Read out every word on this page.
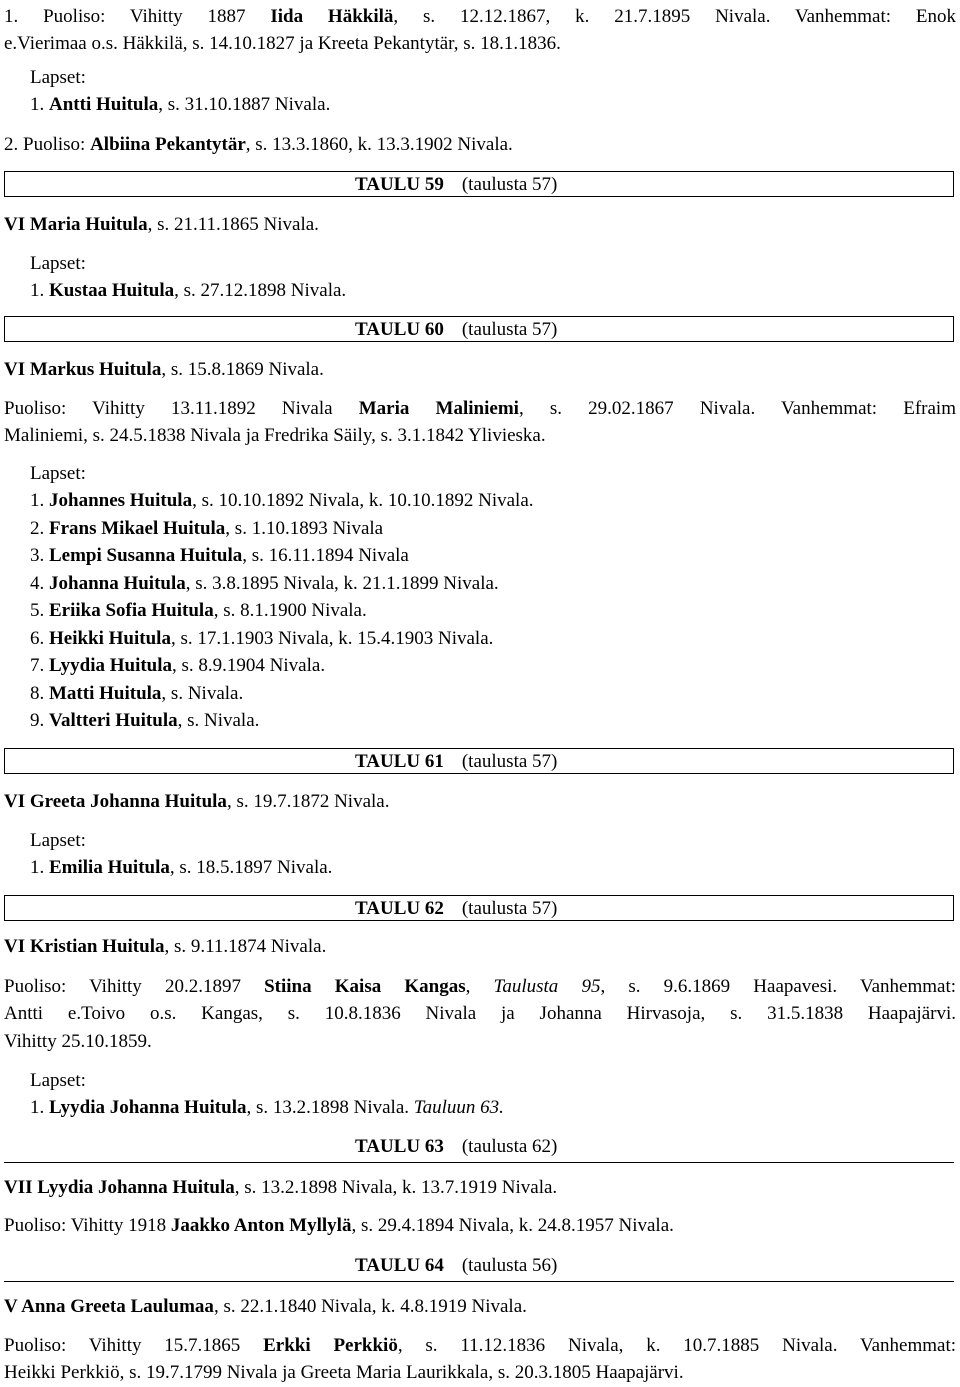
1. Puoliso: Vihitty 1887 Iida Häkkilä, s. 12.12.1867, k. 21.7.1895 Nivala. Vanhemmat: Enok
e.Vierimaa o.s. Häkkilä, s. 14.10.1827 ja Kreeta Pekantytär, s. 18.1.1836.
Lapset:
1. Antti Huitula, s. 31.10.1887 Nivala.
2. Puoliso: Albiina Pekantytär, s. 13.3.1860, k. 13.3.1902 Nivala.
TAULU 59 (taulusta 57)
VI Maria Huitula, s. 21.11.1865 Nivala.
Lapset:
1. Kustaa Huitula, s. 27.12.1898 Nivala.
TAULU 60 (taulusta 57)
VI Markus Huitula, s. 15.8.1869 Nivala.
Puoliso: Vihitty 13.11.1892 Nivala Maria Maliniemi, s. 29.02.1867 Nivala. Vanhemmat: Efraim
Maliniemi, s. 24.5.1838 Nivala ja Fredrika Säily, s. 3.1.1842 Ylivieska.
Lapset:
1. Johannes Huitula, s. 10.10.1892 Nivala, k. 10.10.1892 Nivala.
2. Frans Mikael Huitula, s. 1.10.1893 Nivala
3. Lempi Susanna Huitula, s. 16.11.1894 Nivala
4. Johanna Huitula, s. 3.8.1895 Nivala, k. 21.1.1899 Nivala.
5. Eriika Sofia Huitula, s. 8.1.1900 Nivala.
6. Heikki Huitula, s. 17.1.1903 Nivala, k. 15.4.1903 Nivala.
7. Lyydia Huitula, s. 8.9.1904 Nivala.
8. Matti Huitula, s. Nivala.
9. Valtteri Huitula, s. Nivala.
TAULU 61 (taulusta 57)
VI Greeta Johanna Huitula, s. 19.7.1872 Nivala.
Lapset:
1. Emilia Huitula, s. 18.5.1897 Nivala.
TAULU 62 (taulusta 57)
VI Kristian Huitula, s. 9.11.1874 Nivala.
Puoliso: Vihitty 20.2.1897 Stiina Kaisa Kangas, Taulusta 95, s. 9.6.1869 Haapavesi. Vanhemmat:
Antti e.Toivo o.s. Kangas, s. 10.8.1836 Nivala ja Johanna Hirvasoja, s. 31.5.1838 Haapajärvi.
Vihitty 25.10.1859.
Lapset:
1. Lyydia Johanna Huitula, s. 13.2.1898 Nivala. Tauluun 63.
TAULU 63 (taulusta 62)
VII Lyydia Johanna Huitula, s. 13.2.1898 Nivala, k. 13.7.1919 Nivala.
Puoliso: Vihitty 1918 Jaakko Anton Myllylä, s. 29.4.1894 Nivala, k. 24.8.1957 Nivala.
TAULU 64 (taulusta 56)
V Anna Greeta Laulumaa, s. 22.1.1840 Nivala, k. 4.8.1919 Nivala.
Puoliso: Vihitty 15.7.1865 Erkki Perkkiö, s. 11.12.1836 Nivala, k. 10.7.1885 Nivala. Vanhemmat:
Heikki Perkkiö, s. 19.7.1799 Nivala ja Greeta Maria Laurikkala, s. 20.3.1805 Haapajärvi.
